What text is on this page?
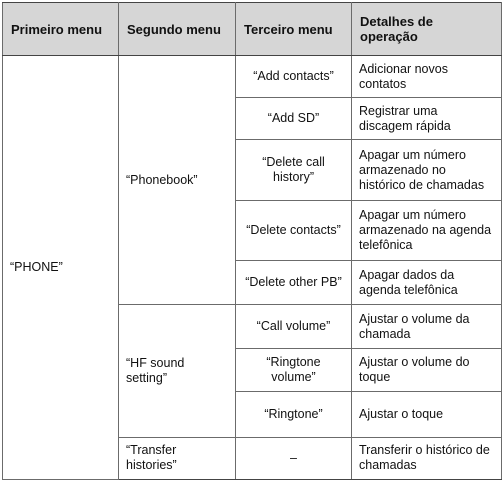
Primeiro menu	Segundo menu	Terceiro menu	Detalhes de operação
“PHONE”	“Phonebook”	“Add contacts”	Adicionar novos contatos
		“Add SD”	Registrar uma discagem rápida
		“Delete call history”	Apagar um número armazenado no histórico de chamadas
		“Delete contacts”	Apagar um número armazenado na agenda telefônica
		“Delete other PB”	Apagar dados da agenda telefônica
	“HF sound setting”	“Call volume”	Ajustar o volume da chamada
		“Ringtone volume”	Ajustar o volume do toque
		“Ringtone”	Ajustar o toque
	“Transfer histories”	–	Transferir o histórico de chamadas
